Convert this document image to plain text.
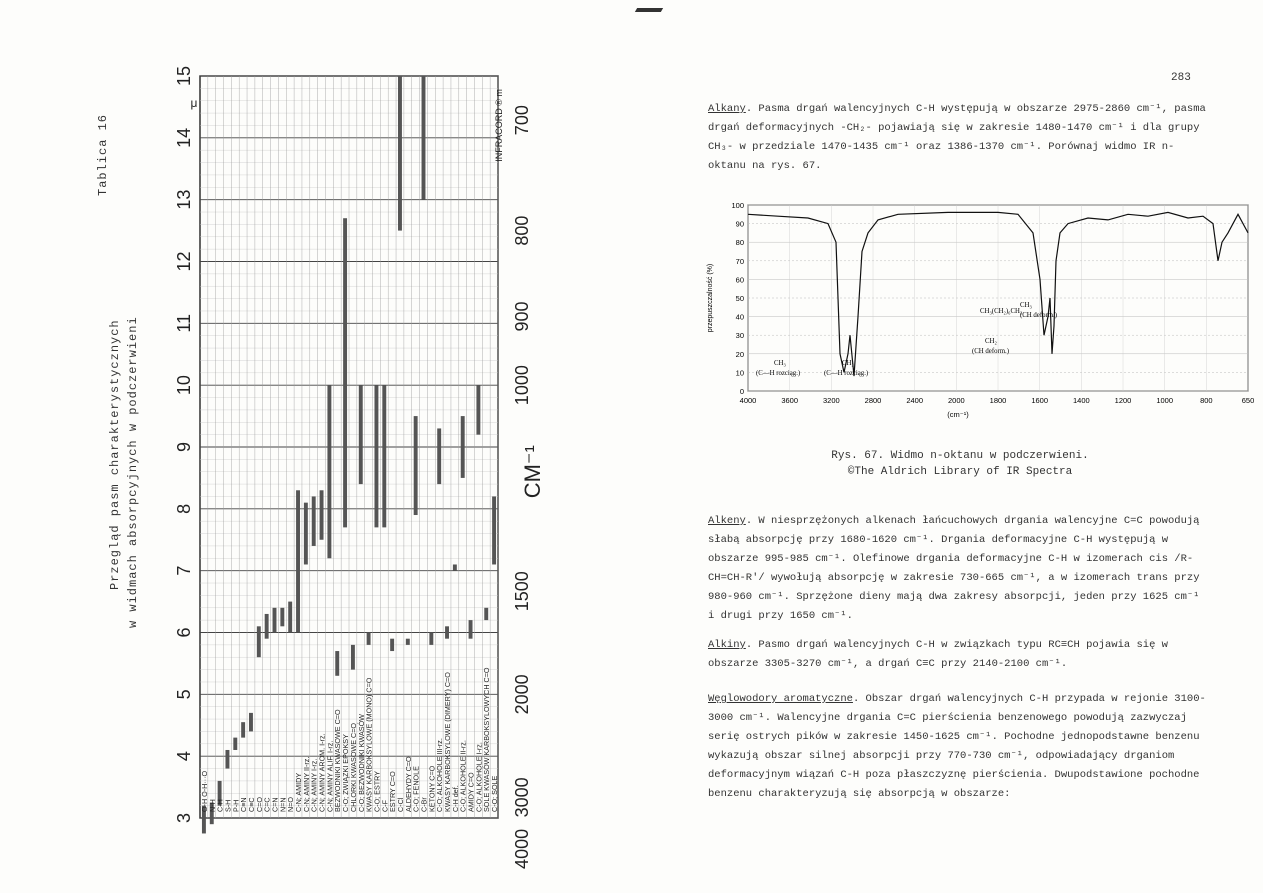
Tablica 16
Przegląd pasm charakterystycznych w widmach absorpcyjnych w podczerwieni
O-H O-H···O
N-H
C-H
S-H
P-H
C≡N
C≡C
C=O
C=C
C=N
N=N
N=O
C-N; AMIDY
C-N; AMINY II-rz.
C-N; AMINY I-rz.
C-N; AMINY AROM. I-rz.
C-N; AMINY ALIF. I-rz.
BEZWODNIKI KWASOWE C=O
C-O; ZWIĄZKI EPOKSY
CHLORKI KWASOWE C=O
C-O; BEZWODNIKI KWASÓW
KWASY KARBOKSYLOWE (MONO) C=O
C-O; ESTRY
C-F
ESTRY C=O
C-Cl
ALDEHYDY C=O
C-O; FENOLE
C-Br
KETONY C=O
C-O; ALKOHOLE III-rz.
KWASY KARBOKSYLOWE (DIMERY) C=O
C-H def.
C-O; ALKOHOLE II-rz.
AMIDY C=O
C-O; ALKOHOLE I-rz.
SOLE KWASÓW KARBOKSYLOWYCH C=O
C-O; SOLE
3
4
5
6
7
8
9
10
11
12
13
14
15
μ
4000
3000
2000
1500
1000
900
800
700
CM⁻¹
INFRACORD ® m
283
Alkany. Pasma drgań walencyjnych C-H występują w obszarze 2975-2860 cm⁻¹, pasma drgań deformacyjnych -CH₂- pojawiają się w zakresie 1480-1470 cm⁻¹ i dla grupy CH₃- w przedziale 1470-1435 cm⁻¹ oraz 1386-1370 cm⁻¹. Porównaj widmo IR n-oktanu na rys. 67.
100
90
80
70
60
50
40
30
20
10
0
4000	3600	3200	2800	2400	2000	1800	1600	1400	1200	1000	800	650
(cm⁻¹)
przepuszczalność (%)	CH₃(CH₂)₆CH₃
CH₃
(CH deform.)
CH₂
(CH deform.)
CH₃
(C—H rozciąg.)
CH₂
(C—H rozciąg.)
Rys. 67. Widmo n-oktanu w podczerwieni.
©The Aldrich Library of IR Spectra
Alkeny. W niesprzężonych alkenach łańcuchowych drgania walencyjne C=C powodują słabą absorpcję przy 1680-1620 cm⁻¹. Drgania deformacyjne C-H występują w obszarze 995-985 cm⁻¹. Olefinowe drgania deformacyjne C-H w izomerach cis /R-CH=CH-R'/ wywołują absorpcję w zakresie 730-665 cm⁻¹, a w izomerach trans przy 980-960 cm⁻¹. Sprzężone dieny mają dwa zakresy absorpcji, jeden przy 1625 cm⁻¹ i drugi przy 1650 cm⁻¹.
Alkiny. Pasmo drgań walencyjnych C-H w związkach typu RC≡CH pojawia się w obszarze 3305-3270 cm⁻¹, a drgań C≡C przy 2140-2100 cm⁻¹.
Węglowodory aromatyczne. Obszar drgań walencyjnych C-H przypada w rejonie 3100-3000 cm⁻¹. Walencyjne drgania C=C pierścienia benzenowego powodują zazwyczaj serię ostrych pików w zakresie 1450-1625 cm⁻¹. Pochodne jednopodstawne benzenu wykazują obszar silnej absorpcji przy 770-730 cm⁻¹, odpowiadający drganiom deformacyjnym wiązań C-H poza płaszczyznę pierścienia. Dwupodstawione pochodne benzenu charakteryzują się absorpcją w obszarze:
